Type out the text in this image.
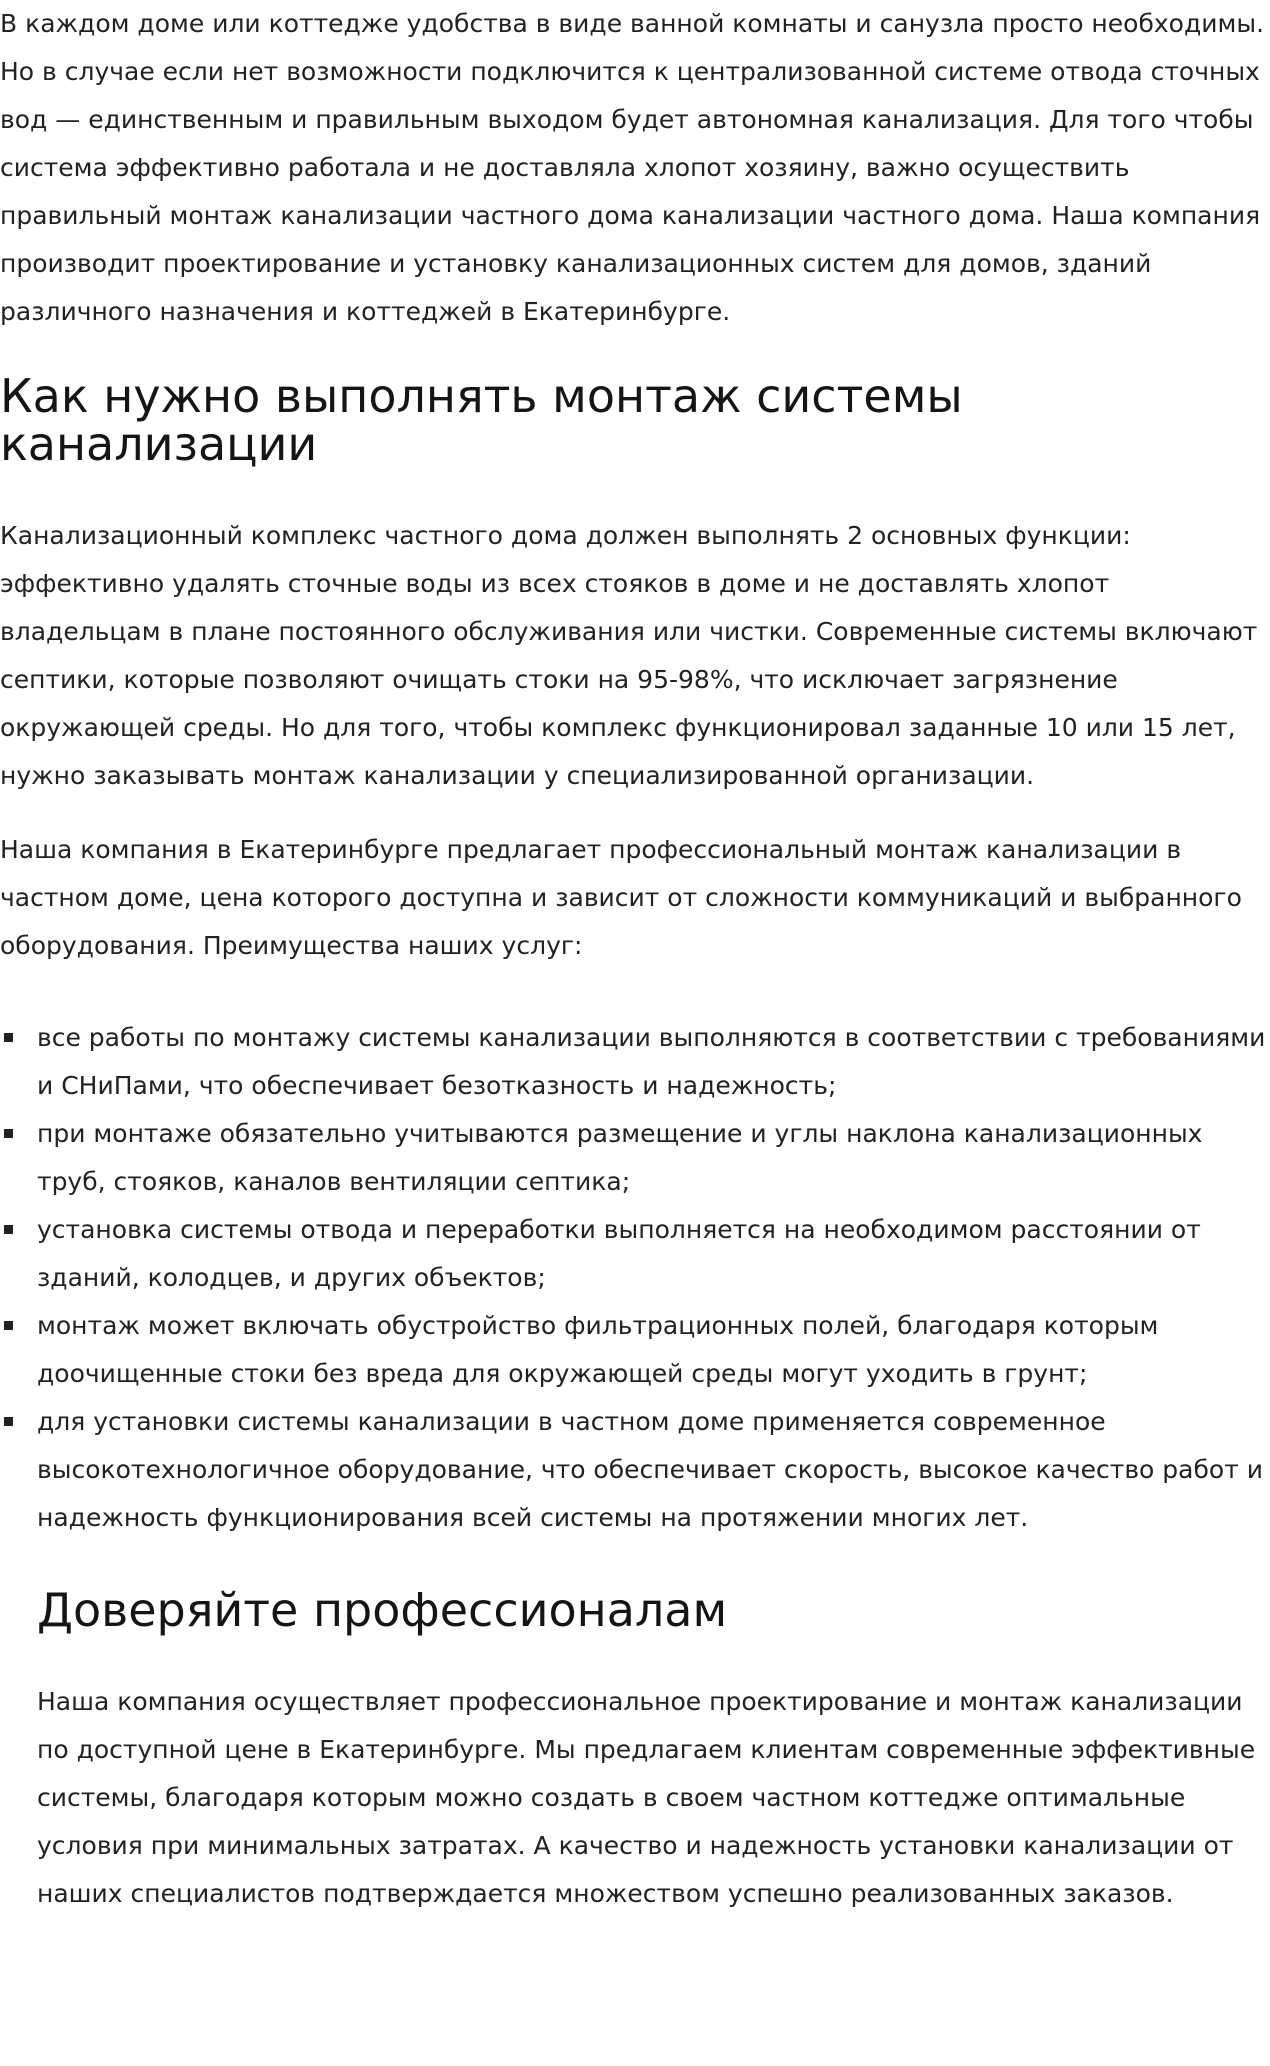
В каждом доме или коттедже удобства в виде ванной комнаты и санузла просто необходимы. Но в случае если нет возможности подключится к централизованной системе отвода сточных вод — единственным и правильным выходом будет автономная канализация. Для того чтобы система эффективно работала и не доставляла хлопот хозяину, важно осуществить правильный монтаж канализации частного дома канализации частного дома. Наша компания производит проектирование и установку канализационных систем для домов, зданий различного назначения и коттеджей в Екатеринбурге.

Как нужно выполнять монтаж системы канализации

Канализационный комплекс частного дома должен выполнять 2 основных функции: эффективно удалять сточные воды из всех стояков в доме и не доставлять хлопот владельцам в плане постоянного обслуживания или чистки. Современные системы включают септики, которые позволяют очищать стоки на 95-98%, что исключает загрязнение окружающей среды. Но для того, чтобы комплекс функционировал заданные 10 или 15 лет, нужно заказывать монтаж канализации у специализированной организации.

Наша компания в Екатеринбурге предлагает профессиональный монтаж канализации в частном доме, цена которого доступна и зависит от сложности коммуникаций и выбранного оборудования. Преимущества наших услуг:

все работы по монтажу системы канализации выполняются в соответствии с требованиями и СНиПами, что обеспечивает безотказность и надежность;
при монтаже обязательно учитываются размещение и углы наклона канализационных труб, стояков, каналов вентиляции септика;
установка системы отвода и переработки выполняется на необходимом расстоянии от зданий, колодцев, и других объектов;
монтаж может включать обустройство фильтрационных полей, благодаря которым доочищенные стоки без вреда для окружающей среды могут уходить в грунт;
для установки системы канализации в частном доме применяется современное высокотехнологичное оборудование, что обеспечивает скорость, высокое качество работ и надежность функционирования всей системы на протяжении многих лет.
Доверяйте профессионалам

Наша компания осуществляет профессиональное проектирование и монтаж канализации по доступной цене в Екатеринбурге. Мы предлагаем клиентам современные эффективные системы, благодаря которым можно создать в своем частном коттедже оптимальные условия при минимальных затратах. А качество и надежность установки канализации от наших специалистов подтверждается множеством успешно реализованных заказов.
